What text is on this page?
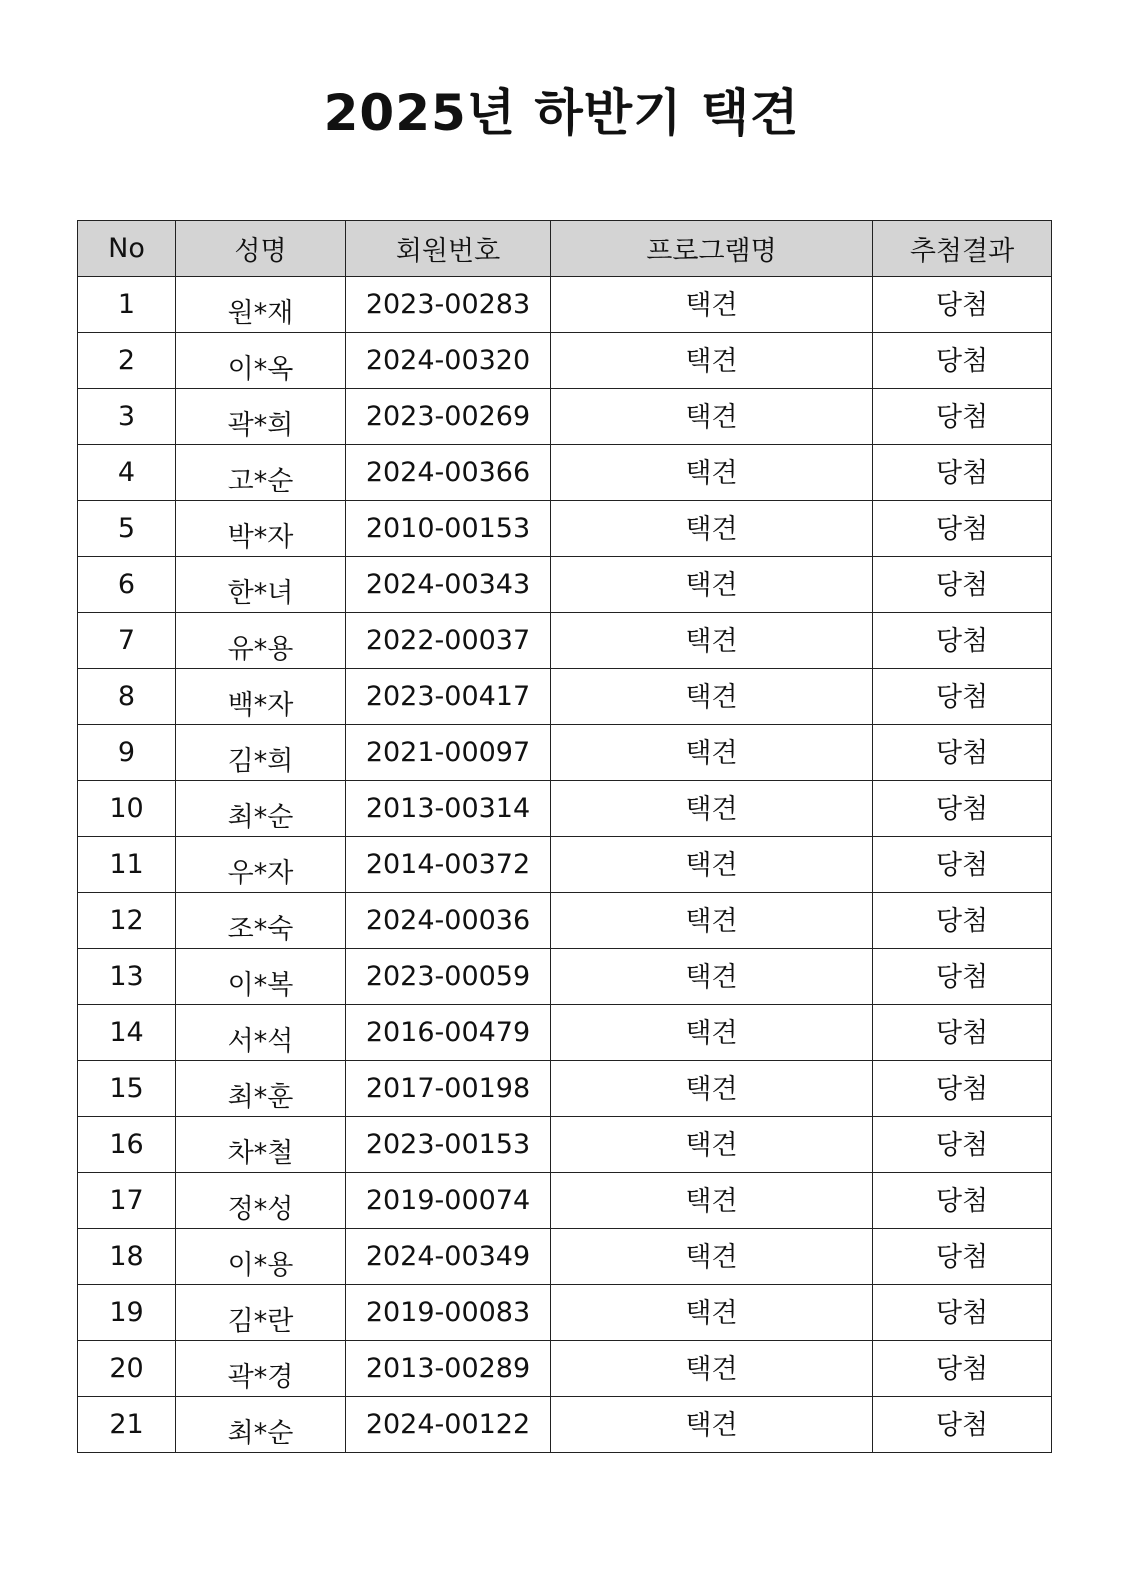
2025년 하반기 택견
No	성명	회원번호	프로그램명	추첨결과
1	원*재	2023-00283	택견	당첨
2	이*옥	2024-00320	택견	당첨
3	곽*희	2023-00269	택견	당첨
4	고*순	2024-00366	택견	당첨
5	박*자	2010-00153	택견	당첨
6	한*녀	2024-00343	택견	당첨
7	유*용	2022-00037	택견	당첨
8	백*자	2023-00417	택견	당첨
9	김*희	2021-00097	택견	당첨
10	최*순	2013-00314	택견	당첨
11	우*자	2014-00372	택견	당첨
12	조*숙	2024-00036	택견	당첨
13	이*복	2023-00059	택견	당첨
14	서*석	2016-00479	택견	당첨
15	최*훈	2017-00198	택견	당첨
16	차*철	2023-00153	택견	당첨
17	정*성	2019-00074	택견	당첨
18	이*용	2024-00349	택견	당첨
19	김*란	2019-00083	택견	당첨
20	곽*경	2013-00289	택견	당첨
21	최*순	2024-00122	택견	당첨
